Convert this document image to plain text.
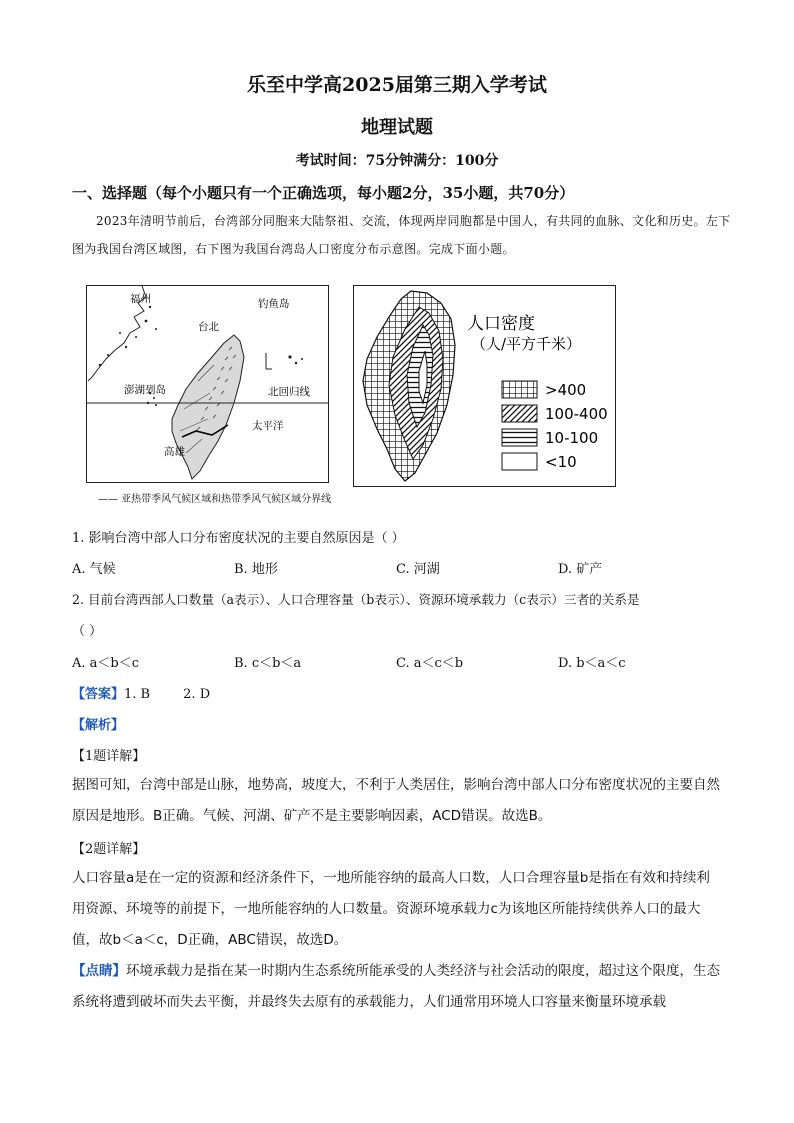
乐至中学高2025届第三期入学考试
地理试题
考试时间：75分钟满分：100分
一、选择题（每个小题只有一个正确选项，每小题2分，35小题，共70分）
2023年清明节前后，台湾部分同胞来大陆祭祖、交流，体现两岸同胞都是中国人，有共同的血脉、文化和历史。左下图为我国台湾区域图，右下图为我国台湾岛人口密度分布示意图。完成下面小题。
福州	钓鱼岛
台北
澎湖列岛	北回归线
太平洋
高雄
人口密度
（人/平方千米）
>400
100-400
10-100
<10
—— 亚热带季风气候区域和热带季风气候区域分界线
1. 影响台湾中部人口分布密度状况的主要自然原因是（ ）
A. 气候	B. 地形	C. 河湖	D. 矿产
2. 目前台湾西部人口数量（a表示）、人口合理容量（b表示）、资源环境承载力（c表示）三者的关系是
（ ）
A. a＜b＜c	B. c＜b＜a	C. a＜c＜b	D. b＜a＜c
【答案】1. B        2. D
【解析】
【1题详解】
据图可知，台湾中部是山脉，地势高，坡度大，不利于人类居住，影响台湾中部人口分布密度状况的主要自然原因是地形。B正确。气候、河湖、矿产不是主要影响因素，ACD错误。故选B。
【2题详解】
人口容量a是在一定的资源和经济条件下，一地所能容纳的最高人口数，人口合理容量b是指在有效和持续利用资源、环境等的前提下，一地所能容纳的人口数量。资源环境承载力c为该地区所能持续供养人口的最大值，故b＜a＜c，D正确，ABC错误，故选D。
【点睛】环境承载力是指在某一时期内生态系统所能承受的人类经济与社会活动的限度，超过这个限度，生态系统将遭到破坏而失去平衡，并最终失去原有的承载能力，人们通常用环境人口容量来衡量环境承载
